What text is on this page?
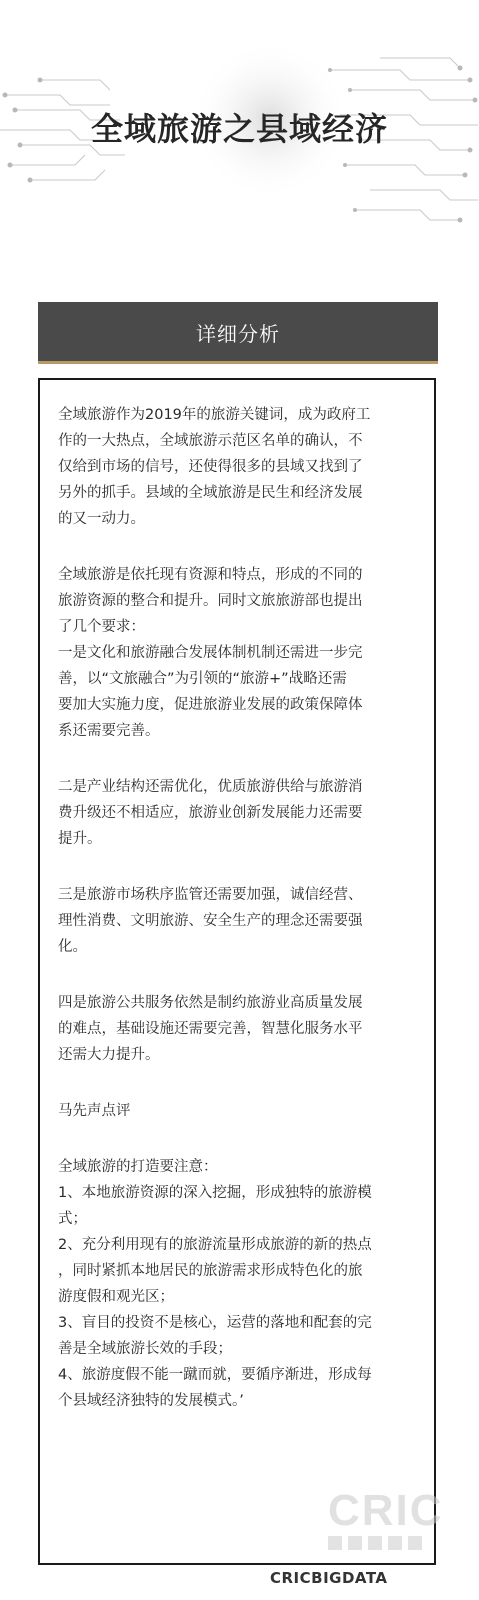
全域旅游之县域经济
详细分析

全域旅游作为2019年的旅游关键词，成为政府工

作的一大热点，全域旅游示范区名单的确认，不

仅给到市场的信号，还使得很多的县域又找到了

另外的抓手。县域的全域旅游是民生和经济发展

的又一动力。

全域旅游是依托现有资源和特点，形成的不同的

旅游资源的整合和提升。同时文旅旅游部也提出

了几个要求：

一是文化和旅游融合发展体制机制还需进一步完

善，以“文旅融合”为引领的“旅游+”战略还需

要加大实施力度，促进旅游业发展的政策保障体

系还需要完善。

二是产业结构还需优化，优质旅游供给与旅游消

费升级还不相适应，旅游业创新发展能力还需要

提升。

三是旅游市场秩序监管还需要加强，诚信经营、

理性消费、文明旅游、安全生产的理念还需要强

化。

四是旅游公共服务依然是制约旅游业高质量发展

的难点，基础设施还需要完善，智慧化服务水平

还需大力提升。

马先声点评

全域旅游的打造要注意：

1、本地旅游资源的深入挖掘，形成独特的旅游模

式；

2、充分利用现有的旅游流量形成旅游的新的热点

，同时紧抓本地居民的旅游需求形成特色化的旅

游度假和观光区；

3、盲目的投资不是核心，运营的落地和配套的完

善是全域旅游长效的手段；

4、旅游度假不能一蹴而就，要循序渐进，形成每

个县域经济独特的发展模式。’

CRIC
CRICBIGDATA
